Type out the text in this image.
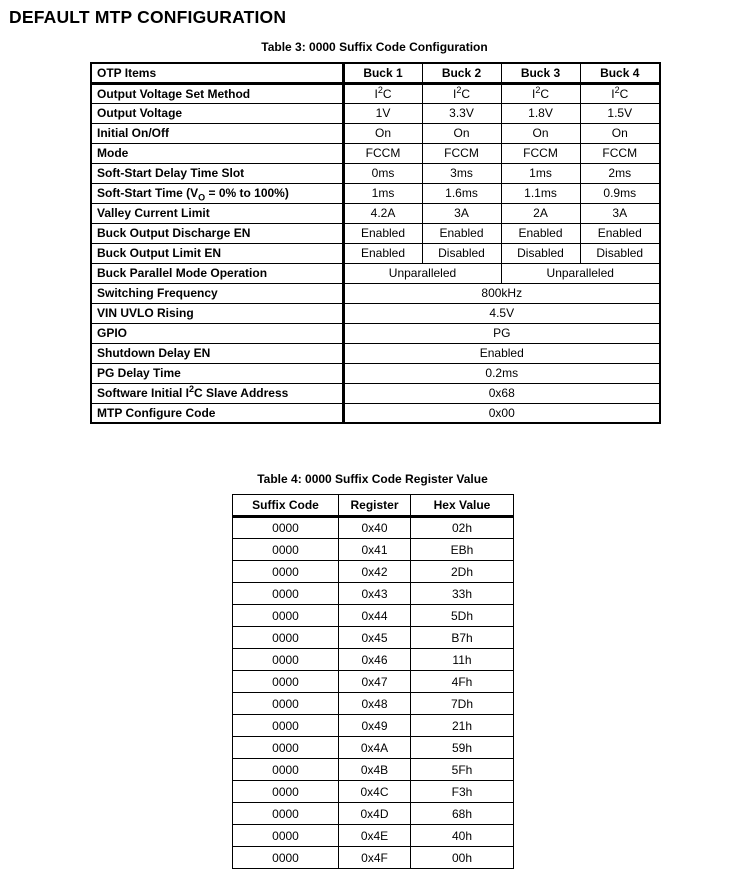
DEFAULT MTP CONFIGURATION
Table 3: 0000 Suffix Code Configuration
OTP Items	Buck 1	Buck 2	Buck 3	Buck 4
Output Voltage Set Method	$I^2C$	$I^2C$	$I^2C$	$I^2C$
Output Voltage	1V	3.3V	1.8V	1.5V
Initial On/Off	On	On	On	On
Mode	FCCM	FCCM	FCCM	FCCM
Soft-Start Delay Time Slot	0ms	3ms	1ms	2ms
Soft-Start Time ($V_O = 0\%$ to 100%)	1ms	1.6ms	1.1ms	0.9ms
Valley Current Limit	4.2A	3A	2A	3A
Buck Output Discharge EN	Enabled	Enabled	Enabled	Enabled
Buck Output Limit EN	Enabled	Disabled	Disabled	Disabled
Buck Parallel Mode Operation	Unparalleled		Unparalleled	
Switching Frequency	800kHz			
VIN UVLO Rising	4.5V			
GPIO	PG			
Shutdown Delay EN	Enabled			
PG Delay Time	0.2ms			
Software Initial $I^2C$ Slave Address	0x68			
MTP Configure Code	0x00			
Table 4: 0000 Suffix Code Register Value
Suffix Code	Register	Hex Value
0000	0x40	02h
0000	0x41	EBh
0000	0x42	2Dh
0000	0x43	33h
0000	0x44	5Dh
0000	0x45	B7h
0000	0x46	11h
0000	0x47	4Fh
0000	0x48	7Dh
0000	0x49	21h
0000	0x4A	59h
0000	0x4B	5Fh
0000	0x4C	F3h
0000	0x4D	68h
0000	0x4E	40h
0000	0x4F	00h
